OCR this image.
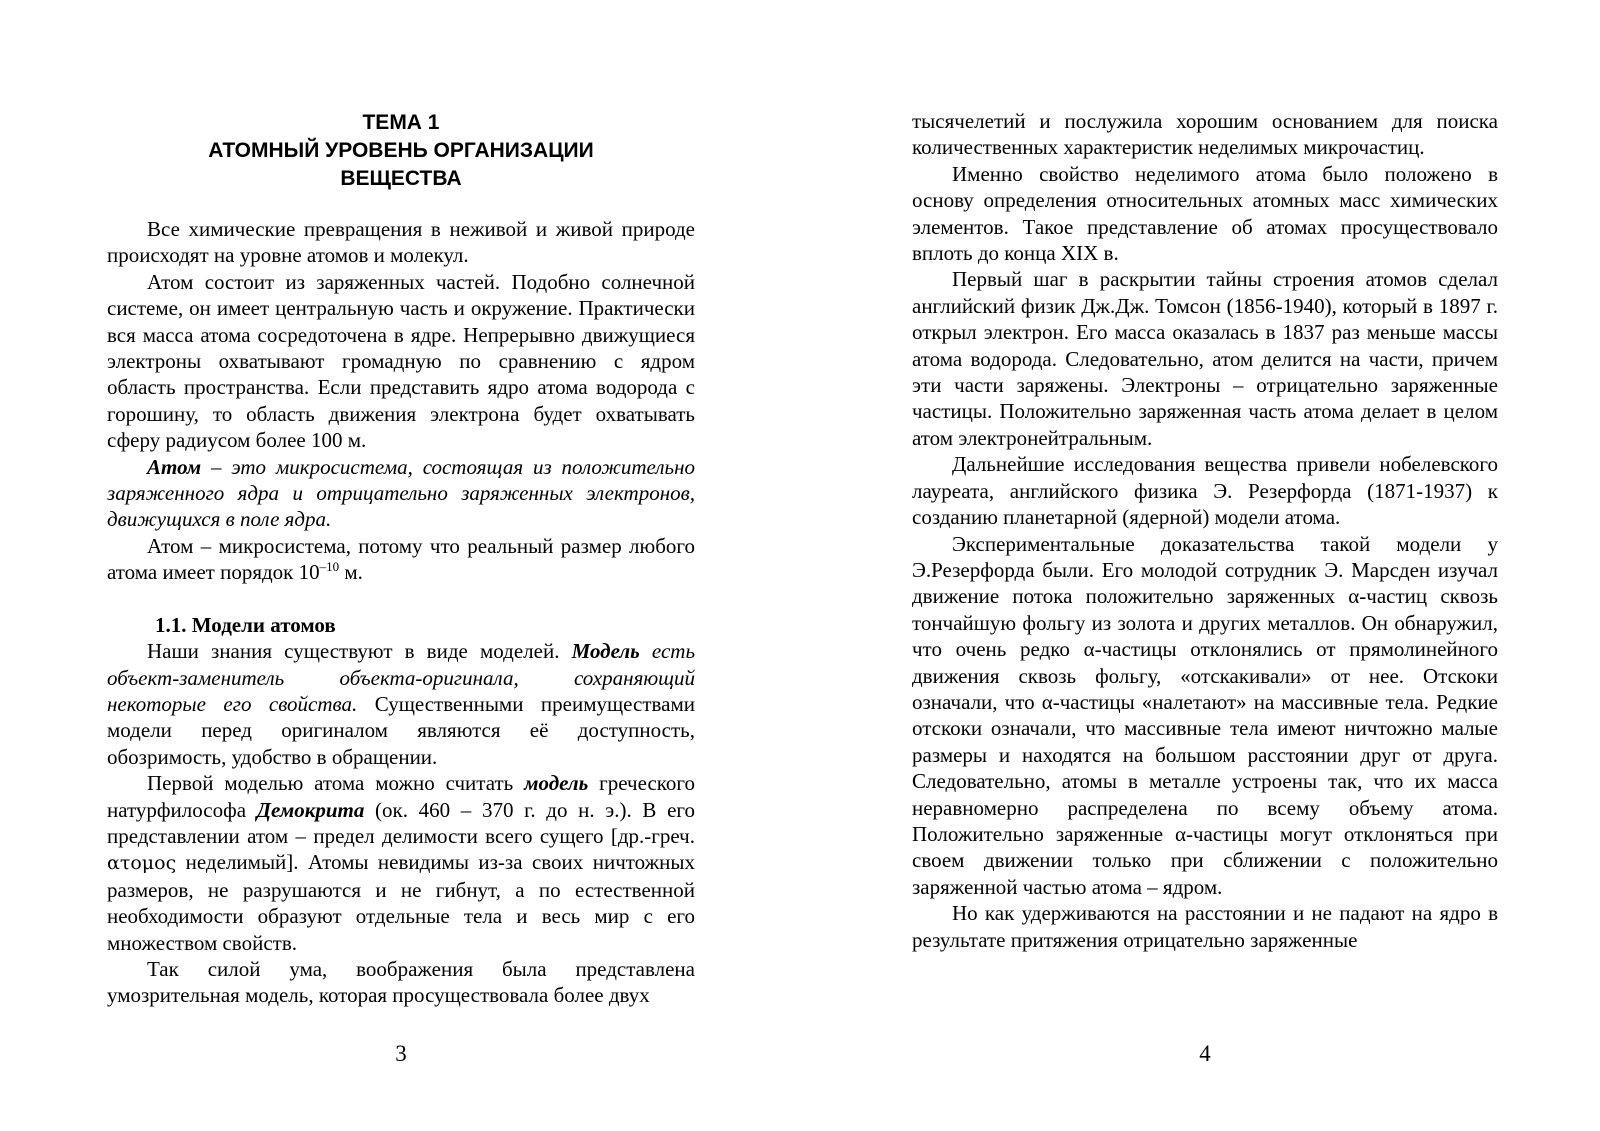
ТЕМА 1
АТОМНЫЙ УРОВЕНЬ ОРГАНИЗАЦИИ
ВЕЩЕСТВА

Все химические превращения в неживой и живой природе происходят на уровне атомов и молекул.

Атом состоит из заряженных частей. Подобно солнечной системе, он имеет центральную часть и окружение. Практически вся масса атома сосредоточена в ядре. Непрерывно движущиеся электроны охватывают громадную по сравнению с ядром область пространства. Если представить ядро атома водорода с горошину, то область движения электрона будет охватывать сферу радиусом более 100 м.

Атом – это микросистема, состоящая из положительно заряженного ядра и отрицательно заряженных электронов, движущихся в поле ядра.

Атом – микросистема, потому что реальный размер любого атома имеет порядок $10^{-10}$ м.

1.1. Модели атомов

Наши знания существуют в виде моделей. Модель есть объект-заменитель объекта-оригинала, сохраняющий некоторые его свойства. Существенными преимуществами модели перед оригиналом являются её доступность, обозримость, удобство в обращении.

Первой моделью атома можно считать модель греческого натурфилософа Демокрита (ок. 460 – 370 г. до н. э.). В его представлении атом – предел делимости всего сущего [др.-греч. ατομος неделимый]. Атомы невидимы из-за своих ничтожных размеров, не разрушаются и не гибнут, а по естественной необходимости образуют отдельные тела и весь мир с его множеством свойств.

Так силой ума, воображения была представлена умозрительная модель, которая просуществовала более двух

3

тысячелетий и послужила хорошим основанием для поиска количественных характеристик неделимых микрочастиц.

Именно свойство неделимого атома было положено в основу определения относительных атомных масс химических элементов. Такое представление об атомах просуществовало вплоть до конца XIX в.

Первый шаг в раскрытии тайны строения атомов сделал английский физик Дж.Дж. Томсон (1856-1940), который в 1897 г. открыл электрон. Его масса оказалась в 1837 раз меньше массы атома водорода. Следовательно, атом делится на части, причем эти части заряжены. Электроны – отрицательно заряженные частицы. Положительно заряженная часть атома делает в целом атом электронейтральным.

Дальнейшие исследования вещества привели нобелевского лауреата, английского физика Э. Резерфорда (1871-1937) к созданию планетарной (ядерной) модели атома.

Экспериментальные доказательства такой модели у Э.Резерфорда были. Его молодой сотрудник Э. Марсден изучал движение потока положительно заряженных α-частиц сквозь тончайшую фольгу из золота и других металлов. Он обнаружил, что очень редко α-частицы отклонялись от прямолинейного движения сквозь фольгу, «отскакивали» от нее. Отскоки означали, что α-частицы «налетают» на массивные тела. Редкие отскоки означали, что массивные тела имеют ничтожно малые размеры и находятся на большом расстоянии друг от друга. Следовательно, атомы в металле устроены так, что их масса неравномерно распределена по всему объему атома. Положительно заряженные α-частицы могут отклоняться при своем движении только при сближении с положительно заряженной частью атома – ядром.

Но как удерживаются на расстоянии и не падают на ядро в результате притяжения отрицательно заряженные

4
